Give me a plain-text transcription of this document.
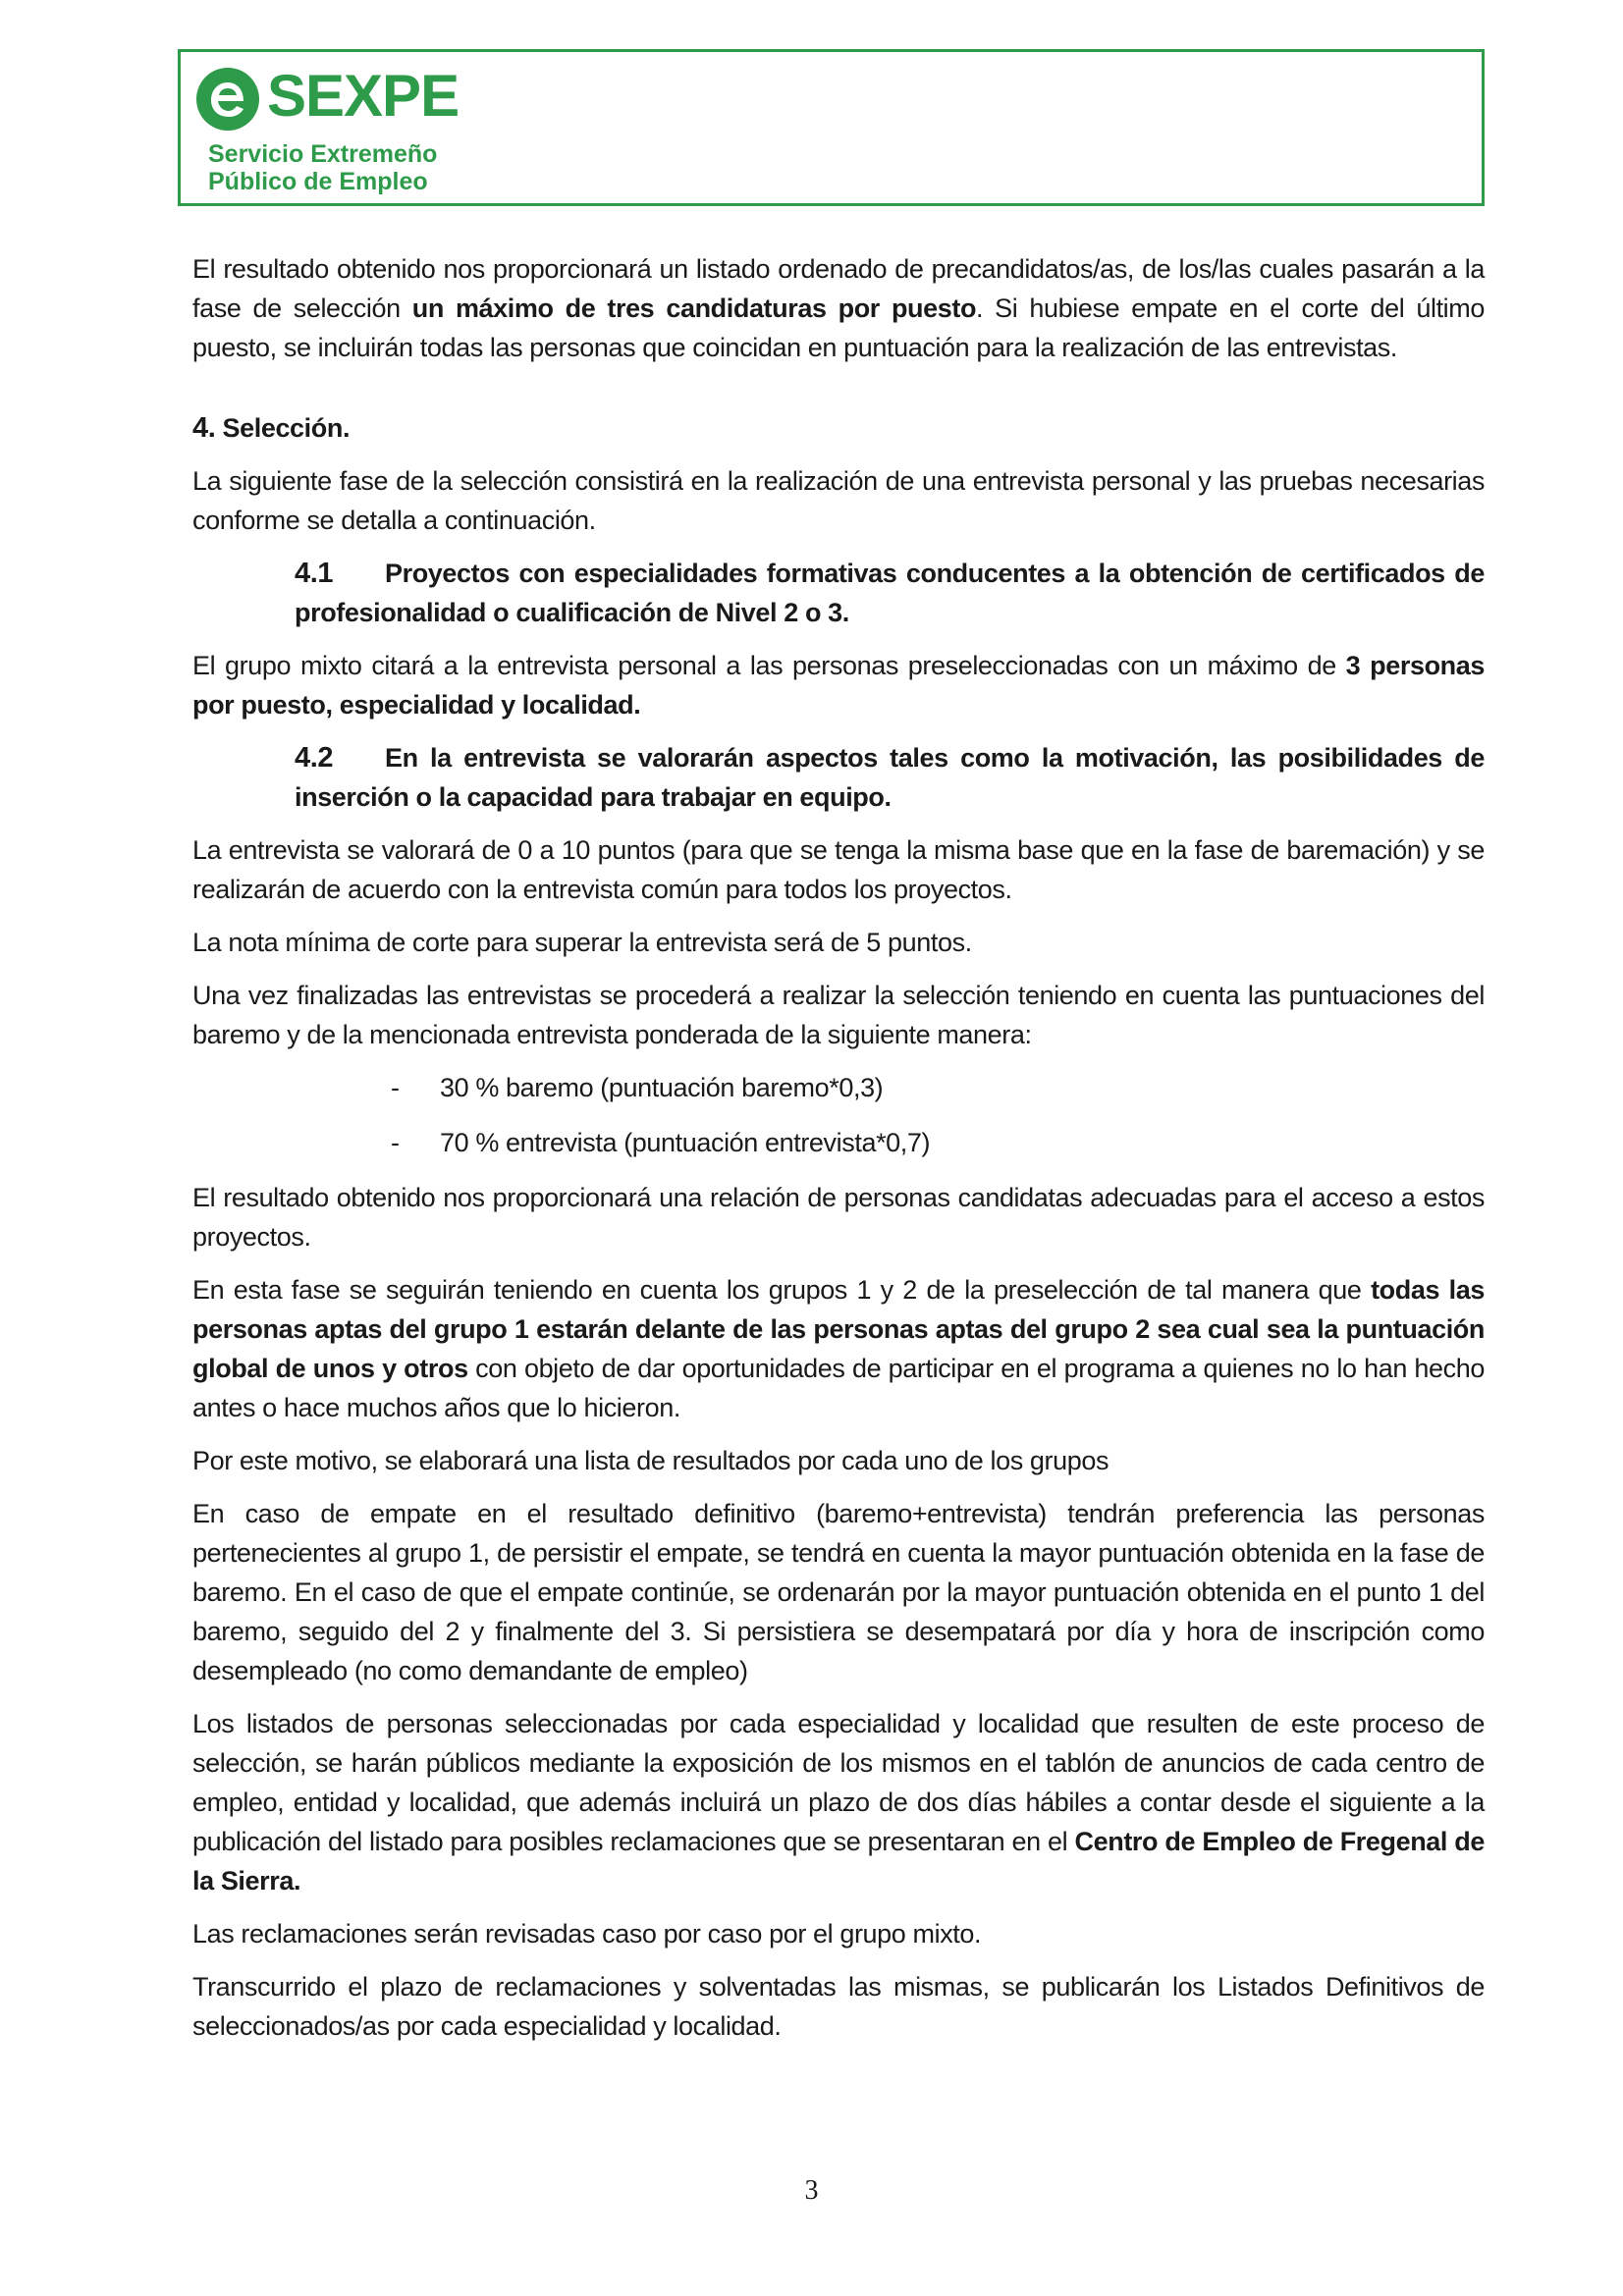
SEXPE
Servicio Extremeño
Público de Empleo

El resultado obtenido nos proporcionará un listado ordenado de precandidatos/as, de los/las cuales pasarán a la fase de selección un máximo de tres candidaturas por puesto. Si hubiese empate en el corte del último puesto, se incluirán todas las personas que coincidan en puntuación para la realización de las entrevistas.

4. Selección.

La siguiente fase de la selección consistirá en la realización de una entrevista personal y las pruebas necesarias conforme se detalla a continuación.

4.1	Proyectos con especialidades formativas conducentes a la obtención de certificados de profesionalidad o cualificación de Nivel 2 o 3.

El grupo mixto citará a la entrevista personal a las personas preseleccionadas con un máximo de 3 personas por puesto, especialidad y localidad.

4.2	En la entrevista se valorarán aspectos tales como la motivación, las posibilidades de inserción o la capacidad para trabajar en equipo.

La entrevista se valorará de 0 a 10 puntos (para que se tenga la misma base que en la fase de baremación) y se realizarán de acuerdo con la entrevista común para todos los proyectos.

La nota mínima de corte para superar la entrevista será de 5 puntos.

Una vez finalizadas las entrevistas se procederá a realizar la selección teniendo en cuenta las puntuaciones del baremo y de la mencionada entrevista ponderada de la siguiente manera:

- 30 % baremo (puntuación baremo*0,3)
- 70 % entrevista (puntuación entrevista*0,7)

El resultado obtenido nos proporcionará una relación de personas candidatas adecuadas para el acceso a estos proyectos.

En esta fase se seguirán teniendo en cuenta los grupos 1 y 2 de la preselección de tal manera que todas las personas aptas del grupo 1 estarán delante de las personas aptas del grupo 2 sea cual sea la puntuación global de unos y otros con objeto de dar oportunidades de participar en el programa a quienes no lo han hecho antes o hace muchos años que lo hicieron.

Por este motivo, se elaborará una lista de resultados por cada uno de los grupos

En caso de empate en el resultado definitivo (baremo+entrevista) tendrán preferencia las personas pertenecientes al grupo 1, de persistir el empate, se tendrá en cuenta la mayor puntuación obtenida en la fase de baremo. En el caso de que el empate continúe, se ordenarán por la mayor puntuación obtenida en el punto 1 del baremo, seguido del 2 y finalmente del 3. Si persistiera se desempatará por día y hora de inscripción como desempleado (no como demandante de empleo)

Los listados de personas seleccionadas por cada especialidad y localidad que resulten de este proceso de selección, se harán públicos mediante la exposición de los mismos en el tablón de anuncios de cada centro de empleo, entidad y localidad, que además incluirá un plazo de dos días hábiles a contar desde el siguiente a la publicación del listado para posibles reclamaciones que se presentaran en el Centro de Empleo de Fregenal de la Sierra.

Las reclamaciones serán revisadas caso por caso por el grupo mixto.

Transcurrido el plazo de reclamaciones y solventadas las mismas, se publicarán los Listados Definitivos de seleccionados/as por cada especialidad y localidad.

3
